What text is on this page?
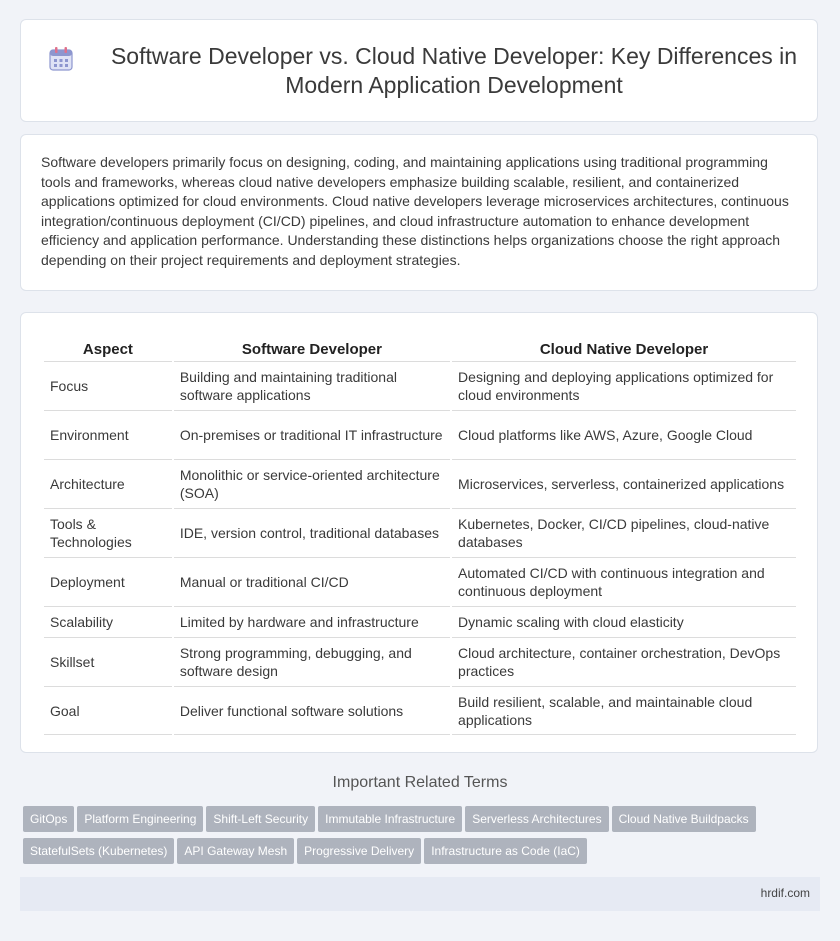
Software Developer vs. Cloud Native Developer: Key Differences in Modern Application Development

Software developers primarily focus on designing, coding, and maintaining applications using traditional programming tools and frameworks, whereas cloud native developers emphasize building scalable, resilient, and containerized applications optimized for cloud environments. Cloud native developers leverage microservices architectures, continuous integration/continuous deployment (CI/CD) pipelines, and cloud infrastructure automation to enhance development efficiency and application performance. Understanding these distinctions helps organizations choose the right approach depending on their project requirements and deployment strategies.

Aspect	Software Developer	Cloud Native Developer
Focus	Building and maintaining traditional software applications	Designing and deploying applications optimized for cloud environments
Environment	On-premises or traditional IT infrastructure	Cloud platforms like AWS, Azure, Google Cloud
Architecture	Monolithic or service-oriented architecture (SOA)	Microservices, serverless, containerized applications
Tools & Technologies	IDE, version control, traditional databases	Kubernetes, Docker, CI/CD pipelines, cloud-native databases
Deployment	Manual or traditional CI/CD	Automated CI/CD with continuous integration and continuous deployment
Scalability	Limited by hardware and infrastructure	Dynamic scaling with cloud elasticity
Skillset	Strong programming, debugging, and software design	Cloud architecture, container orchestration, DevOps practices
Goal	Deliver functional software solutions	Build resilient, scalable, and maintainable cloud applications
Important Related Terms
GitOps Platform Engineering Shift-Left Security Immutable Infrastructure Serverless Architectures Cloud Native Buildpacks
StatefulSets (Kubernetes) API Gateway Mesh Progressive Delivery Infrastructure as Code (IaC)
hrdif.com
